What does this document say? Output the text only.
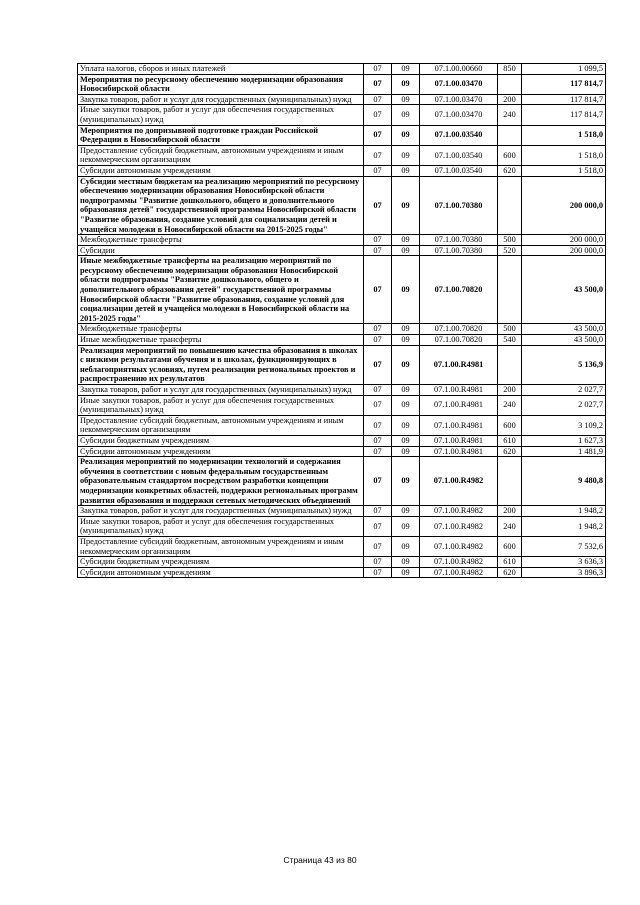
Уплата налогов, сборов и иных платежей	07	09	07.1.00.00660	850	1 099,5
Мероприятия по ресурсному обеспечению модернизации образования Новосибирской области	07	09	07.1.00.03470		117 814,7
Закупка товаров, работ и услуг для государственных (муниципальных) нужд	07	09	07.1.00.03470	200	117 814,7
Иные закупки товаров, работ и услуг для обеспечения государственных (муниципальных) нужд	07	09	07.1.00.03470	240	117 814,7
Мероприятия по допризывной подготовке граждан Российской Федерации в Новосибирской области	07	09	07.1.00.03540		1 518,0
Предоставление субсидий бюджетным, автономным учреждениям и иным некоммерческим организациям	07	09	07.1.00.03540	600	1 518,0
Субсидии автономным учреждениям	07	09	07.1.00.03540	620	1 518,0
Субсидии местным бюджетам на реализацию мероприятий по ресурсному обеспечению модернизации образования Новосибирской области подпрограммы "Развитие дошкольного, общего и дополнительного образования детей" государственной программы Новосибирской области "Развитие образования, создание условий для социализации детей и учащейся молодежи в Новосибирской области на 2015-2025 годы"	07	09	07.1.00.70380		200 000,0
Межбюджетные трансферты	07	09	07.1.00.70380	500	200 000,0
Субсидии	07	09	07.1.00.70380	520	200 000,0
Иные межбюджетные трансферты на реализацию мероприятий по ресурсному обеспечению модернизации образования Новосибирской области подпрограммы "Развитие дошкольного, общего и дополнительного образования детей" государственной программы Новосибирской области "Развитие образования, создание условий для социализации детей и учащейся молодежи в Новосибирской области на 2015-2025 годы"	07	09	07.1.00.70820		43 500,0
Межбюджетные трансферты	07	09	07.1.00.70820	500	43 500,0
Иные межбюджетные трансферты	07	09	07.1.00.70820	540	43 500,0
Реализация мероприятий по повышению качества образования в школах с низкими результатами обучения и в школах, функционирующих в неблагоприятных условиях, путем реализации региональных проектов и распространению их результатов	07	09	07.1.00.R4981		5 136,9
Закупка товаров, работ и услуг для государственных (муниципальных) нужд	07	09	07.1.00.R4981	200	2 027,7
Иные закупки товаров, работ и услуг для обеспечения государственных (муниципальных) нужд	07	09	07.1.00.R4981	240	2 027,7
Предоставление субсидий бюджетным, автономным учреждениям и иным некоммерческим организациям	07	09	07.1.00.R4981	600	3 109,2
Субсидии бюджетным учреждениям	07	09	07.1.00.R4981	610	1 627,3
Субсидии автономным учреждениям	07	09	07.1.00.R4981	620	1 481,9
Реализация мероприятий по модернизации технологий и содержания обучения в соответствии с новым федеральным государственным образовательным стандартом посредством разработки концепции модернизации конкретных областей, поддержки региональных программ развития образования и поддержки сетевых методических объединений	07	09	07.1.00.R4982		9 480,8
Закупка товаров, работ и услуг для государственных (муниципальных) нужд	07	09	07.1.00.R4982	200	1 948,2
Иные закупки товаров, работ и услуг для обеспечения государственных (муниципальных) нужд	07	09	07.1.00.R4982	240	1 948,2
Предоставление субсидий бюджетным, автономным учреждениям и иным некоммерческим организациям	07	09	07.1.00.R4982	600	7 532,6
Субсидии бюджетным учреждениям	07	09	07.1.00.R4982	610	3 636,3
Субсидии автономным учреждениям	07	09	07.1.00.R4982	620	3 896,3
Страница 43 из 80
